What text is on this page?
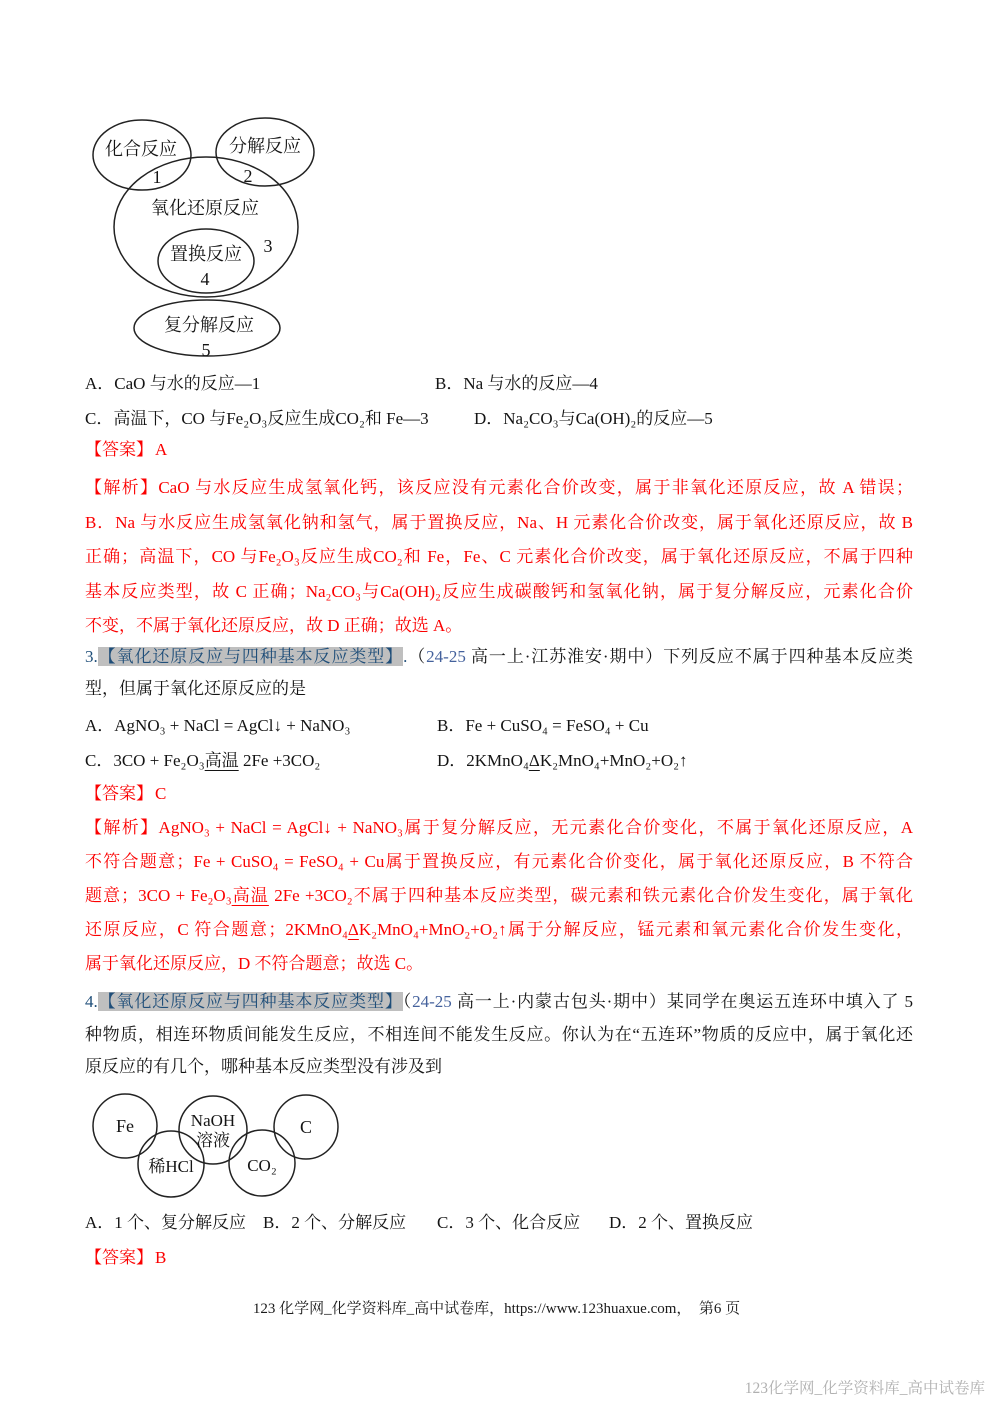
化合反应
1
分解反应
2
氧化还原反应
3
置换反应
4
复分解反应
5
A．CaO 与水的反应—1	B．Na 与水的反应—4
C．高温下，CO 与Fe₂O₃反应生成CO₂和 Fe—3	D．Na₂CO₃与Ca(OH)₂的反应—5
【答案】 A
【解析】CaO 与水反应生成氢氧化钙，该反应没有元素化合价改变，属于非氧化还原反应，故 A 错误；
B．Na 与水反应生成氢氧化钠和氢气，属于置换反应，Na、H 元素化合价改变，属于氧化还原反应，故 B
正确；高温下，CO 与Fe₂O₃反应生成CO₂和 Fe，Fe、C 元素化合价改变，属于氧化还原反应，不属于四种
基本反应类型，故 C 正确；Na₂CO₃与Ca(OH)₂反应生成碳酸钙和氢氧化钠，属于复分解反应，元素化合价
不变，不属于氧化还原反应，故 D 正确；故选 A。
3.【氧化还原反应与四种基本反应类型】.（24-25 高一上·江苏淮安·期中）下列反应不属于四种基本反应类
型，但属于氧化还原反应的是
A．AgNO₃ + NaCl = AgCl↓ + NaNO₃	B．Fe + CuSO₄ = FeSO₄ + Cu
C．3CO + Fe₂O₃高温 2Fe +3CO₂	D．2KMnO₄ΔK₂MnO₄+MnO₂+O₂↑
【答案】 C
【解析】AgNO₃ + NaCl = AgCl↓ + NaNO₃属于复分解反应，无元素化合价变化，不属于氧化还原反应，A
不符合题意；Fe + CuSO₄ = FeSO₄ + Cu属于置换反应，有元素化合价变化，属于氧化还原反应，B 不符合
题意；3CO + Fe₂O₃高温 2Fe +3CO₂不属于四种基本反应类型，碳元素和铁元素化合价发生变化，属于氧化
还原反应，C 符合题意；2KMnO₄ΔK₂MnO₄+MnO₂+O₂↑属于分解反应，锰元素和氧元素化合价发生变化，
属于氧化还原反应，D 不符合题意；故选 C。
4.【氧化还原反应与四种基本反应类型】（24-25 高一上·内蒙古包头·期中）某同学在奥运五连环中填入了 5
种物质，相连环物质间能发生反应，不相连间不能发生反应。你认为在“五连环”物质的反应中，属于氧化还
原反应的有几个，哪种基本反应类型没有涉及到
Fe	NaOH
溶液
C
稀HCl	CO₂
A．1 个、复分解反应 B．2 个、分解反应 C．3 个、化合反应 D．2 个、置换反应
【答案】 B
123 化学网_化学资料库_高中试卷库，https://www.123huaxue.com，  第6 页
123化学网_化学资料库_高中试卷库
